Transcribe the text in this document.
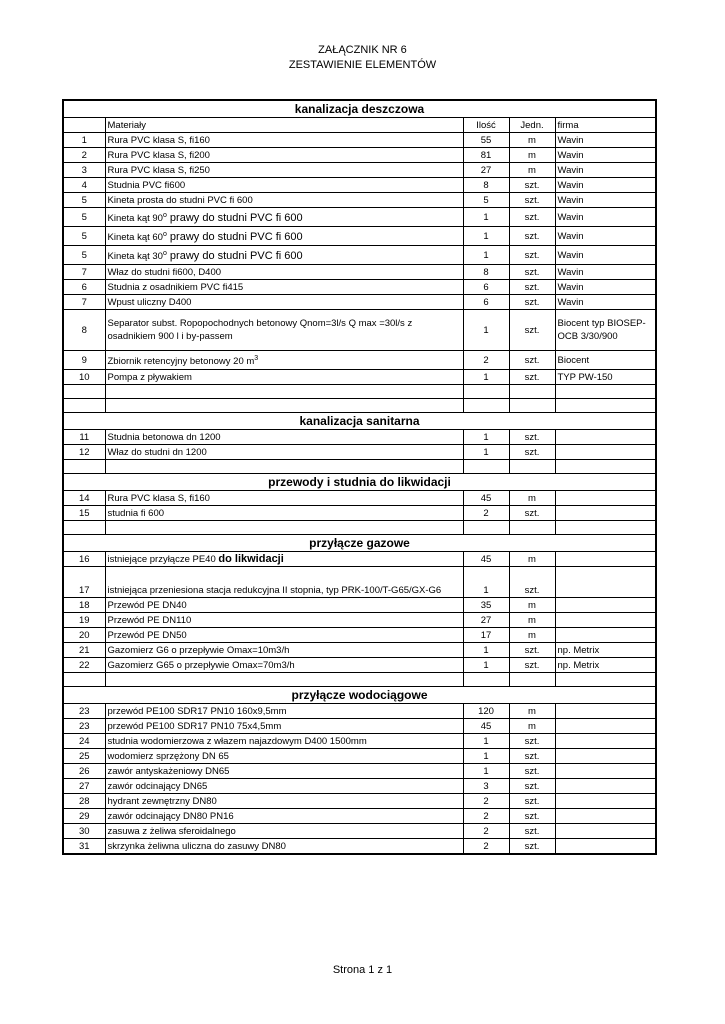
ZAŁĄCZNIK NR 6
ZESTAWIENIE ELEMENTÓW
kanalizacja deszczowa				
	Materiały	Ilość	Jedn.	firma
1	Rura PVC klasa S, fi160	55	m	Wavin
2	Rura PVC klasa S, fi200	81	m	Wavin
3	Rura PVC klasa S, fi250	27	m	Wavin
4	Studnia PVC fi600	8	szt.	Wavin
5	Kineta prosta do studni PVC fi 600	5	szt.	Wavin
5	Kineta kąt 90$^o$ prawy do studni PVC fi 600	1	szt.	Wavin
5	Kineta kąt 60$^o$ prawy do studni PVC fi 600	1	szt.	Wavin
5	Kineta kąt 30$^o$ prawy do studni PVC fi 600	1	szt.	Wavin
7	Właz do studni fi600, D400	8	szt.	Wavin
6	Studnia z osadnikiem PVC fi415	6	szt.	Wavin
7	Wpust uliczny D400	6	szt.	Wavin
8	Separator subst. Ropopochodnych betonowy Qnom=3l/s Q max =30l/s z osadnikiem 900 l i by-passem	1	szt.	Biocent typ BIOSEP-OCB 3/30/900
9	Zbiornik retencyjny betonowy 20 $m^3$	2	szt.	Biocent
10	Pompa z pływakiem	1	szt.	TYP PW-150

kanalizacja sanitarna				
11	Studnia betonowa dn 1200	1	szt.	
12	Właz do studni dn 1200	1	szt.	

przewody i studnia do likwidacji				
14	Rura PVC klasa S, fi160	45	m	
15	studnia fi 600	2	szt.	

przyłącze gazowe				
16	istniejące przyłącze PE40 do likwidacji	45	m	
17	istniejąca przeniesiona stacja redukcyjna II stopnia, typ PRK-100/T-G65/GX-G6	1	szt.	
18	Przewód PE DN40	35	m	
19	Przewód PE DN110	27	m	
20	Przewód PE DN50	17	m	
21	Gazomierz G6 o przepływie Omax=10m3/h	1	szt.	np. Metrix
22	Gazomierz G65 o przepływie Omax=70m3/h	1	szt.	np. Metrix

przyłącze wodociągowe				
23	przewód PE100 SDR17 PN10 160x9,5mm	120	m	
23	przewód PE100 SDR17 PN10 75x4,5mm	45	m	
24	studnia wodomierzowa z włazem najazdowym D400 1500mm	1	szt.	
25	wodomierz sprzężony DN 65	1	szt.	
26	zawór antyskażeniowy DN65	1	szt.	
27	zawór odcinający DN65	3	szt.	
28	hydrant zewnętrzny DN80	2	szt.	
29	zawór odcinający DN80 PN16	2	szt.	
30	zasuwa z żeliwa sferoidalnego	2	szt.	
31	skrzynka żeliwna uliczna do zasuwy DN80	2	szt.	
Strona 1 z 1
